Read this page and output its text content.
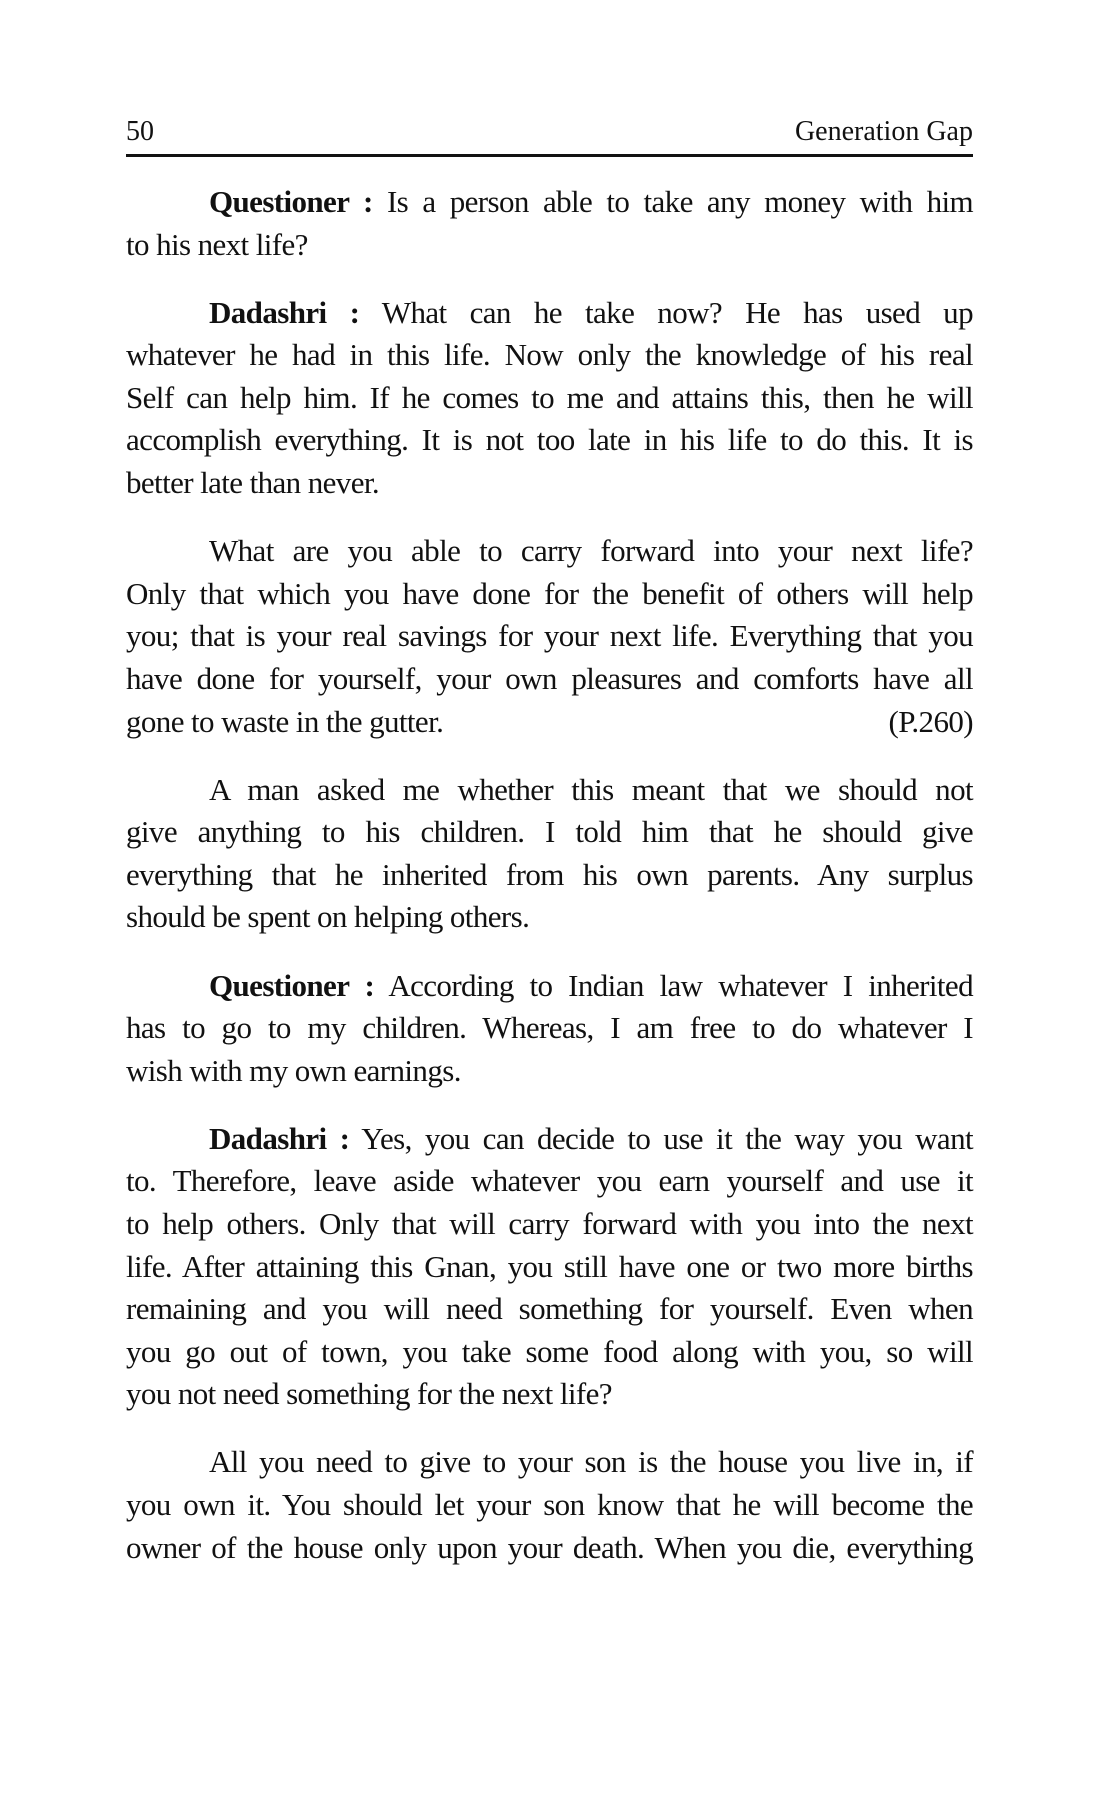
50	Generation Gap
Questioner : Is a person able to take any money with him
to his next life?
Dadashri : What can he take now? He has used up
whatever he had in this life. Now only the knowledge of his real
Self can help him. If he comes to me and attains this, then he will
accomplish everything. It is not too late in his life to do this. It is
better late than never.
What are you able to carry forward into your next life?
Only that which you have done for the benefit of others will help
you; that is your real savings for your next life. Everything that you
have done for yourself, your own pleasures and comforts have all
gone to waste in the gutter.	(P.260)
A man asked me whether this meant that we should not
give anything to his children. I told him that he should give
everything that he inherited from his own parents. Any surplus
should be spent on helping others.
Questioner : According to Indian law whatever I inherited
has to go to my children. Whereas, I am free to do whatever I
wish with my own earnings.
Dadashri : Yes, you can decide to use it the way you want
to. Therefore, leave aside whatever you earn yourself and use it
to help others. Only that will carry forward with you into the next
life. After attaining this Gnan, you still have one or two more births
remaining and you will need something for yourself. Even when
you go out of town, you take some food along with you, so will
you not need something for the next life?
All you need to give to your son is the house you live in, if
you own it. You should let your son know that he will become the
owner of the house only upon your death. When you die, everything
